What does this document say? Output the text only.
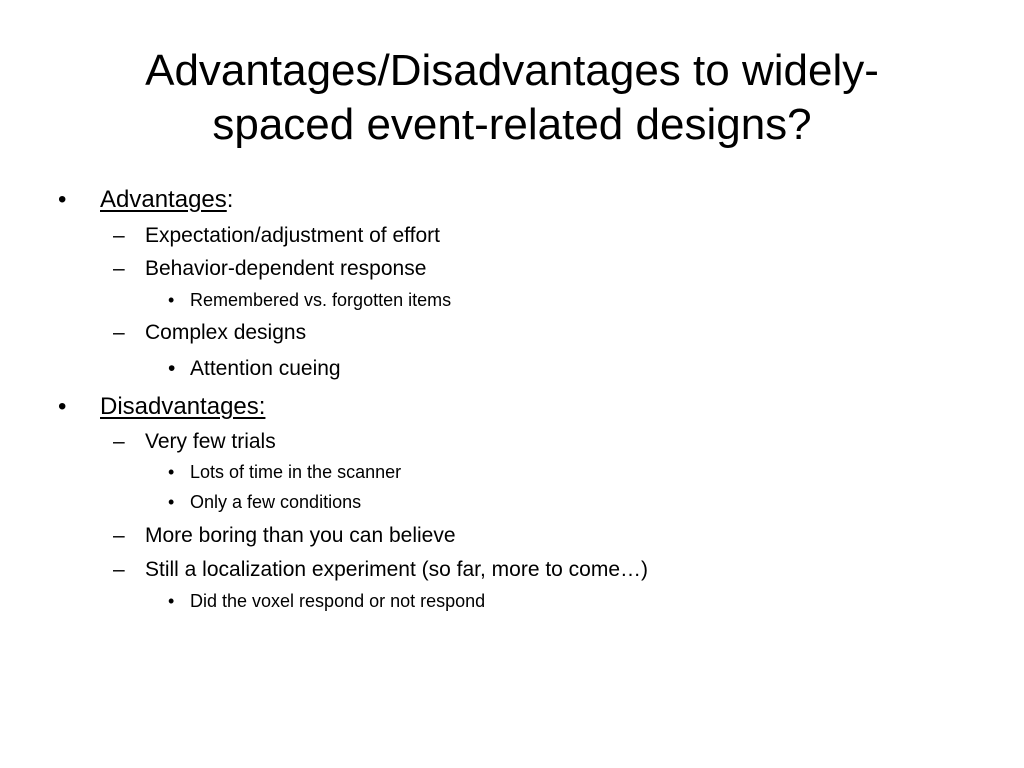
Advantages/Disadvantages to widely-
spaced event-related designs?
• Advantages:
– Expectation/adjustment of effort
– Behavior-dependent response
• Remembered vs. forgotten items
– Complex designs
• Attention cueing
• Disadvantages:
– Very few trials
• Lots of time in the scanner
• Only a few conditions
– More boring than you can believe
– Still a localization experiment (so far, more to come…)
• Did the voxel respond or not respond
